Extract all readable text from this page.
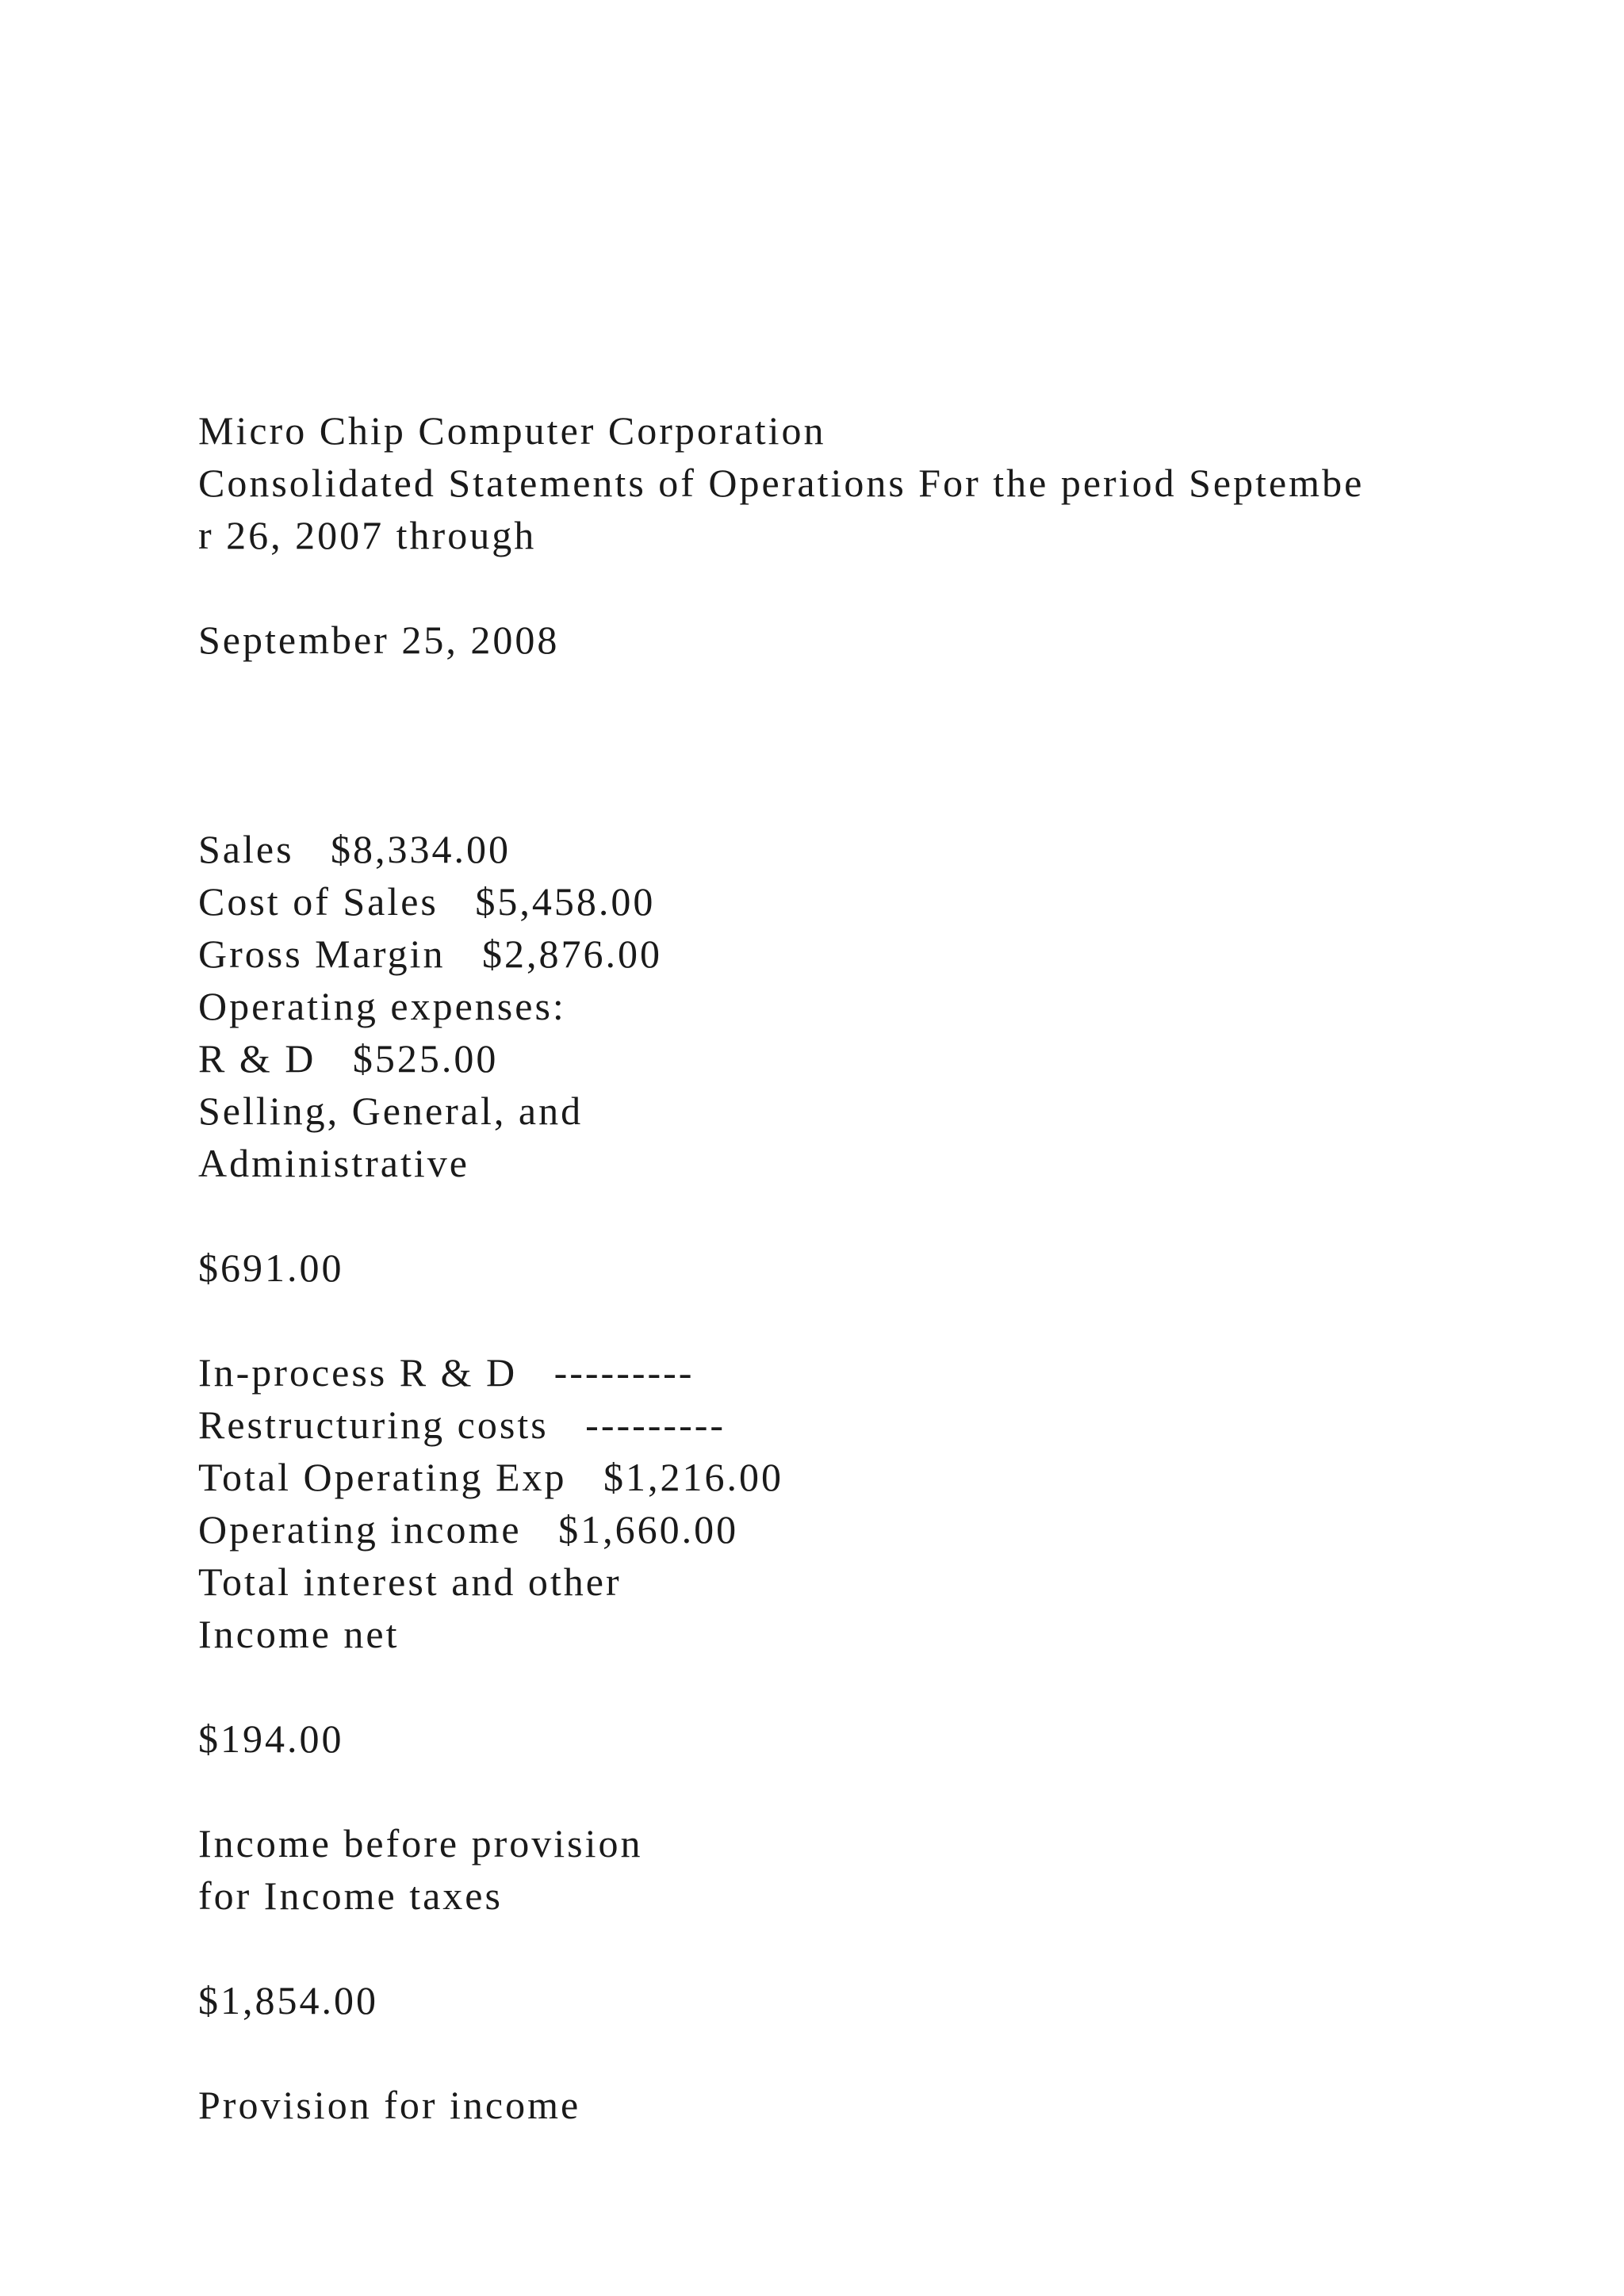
Micro Chip Computer Corporation
Consolidated Statements of Operations For the period Septembe
r 26, 2007 through
September 25, 2008
Sales   $8,334.00
Cost of Sales   $5,458.00
Gross Margin   $2,876.00
Operating expenses:
R & D   $525.00
Selling, General, and
Administrative
$691.00
In-process R & D   ---------
Restructuring costs   ---------
Total Operating Exp   $1,216.00
Operating income   $1,660.00
Total interest and other
Income net
$194.00
Income before provision
for Income taxes
$1,854.00
Provision for income
